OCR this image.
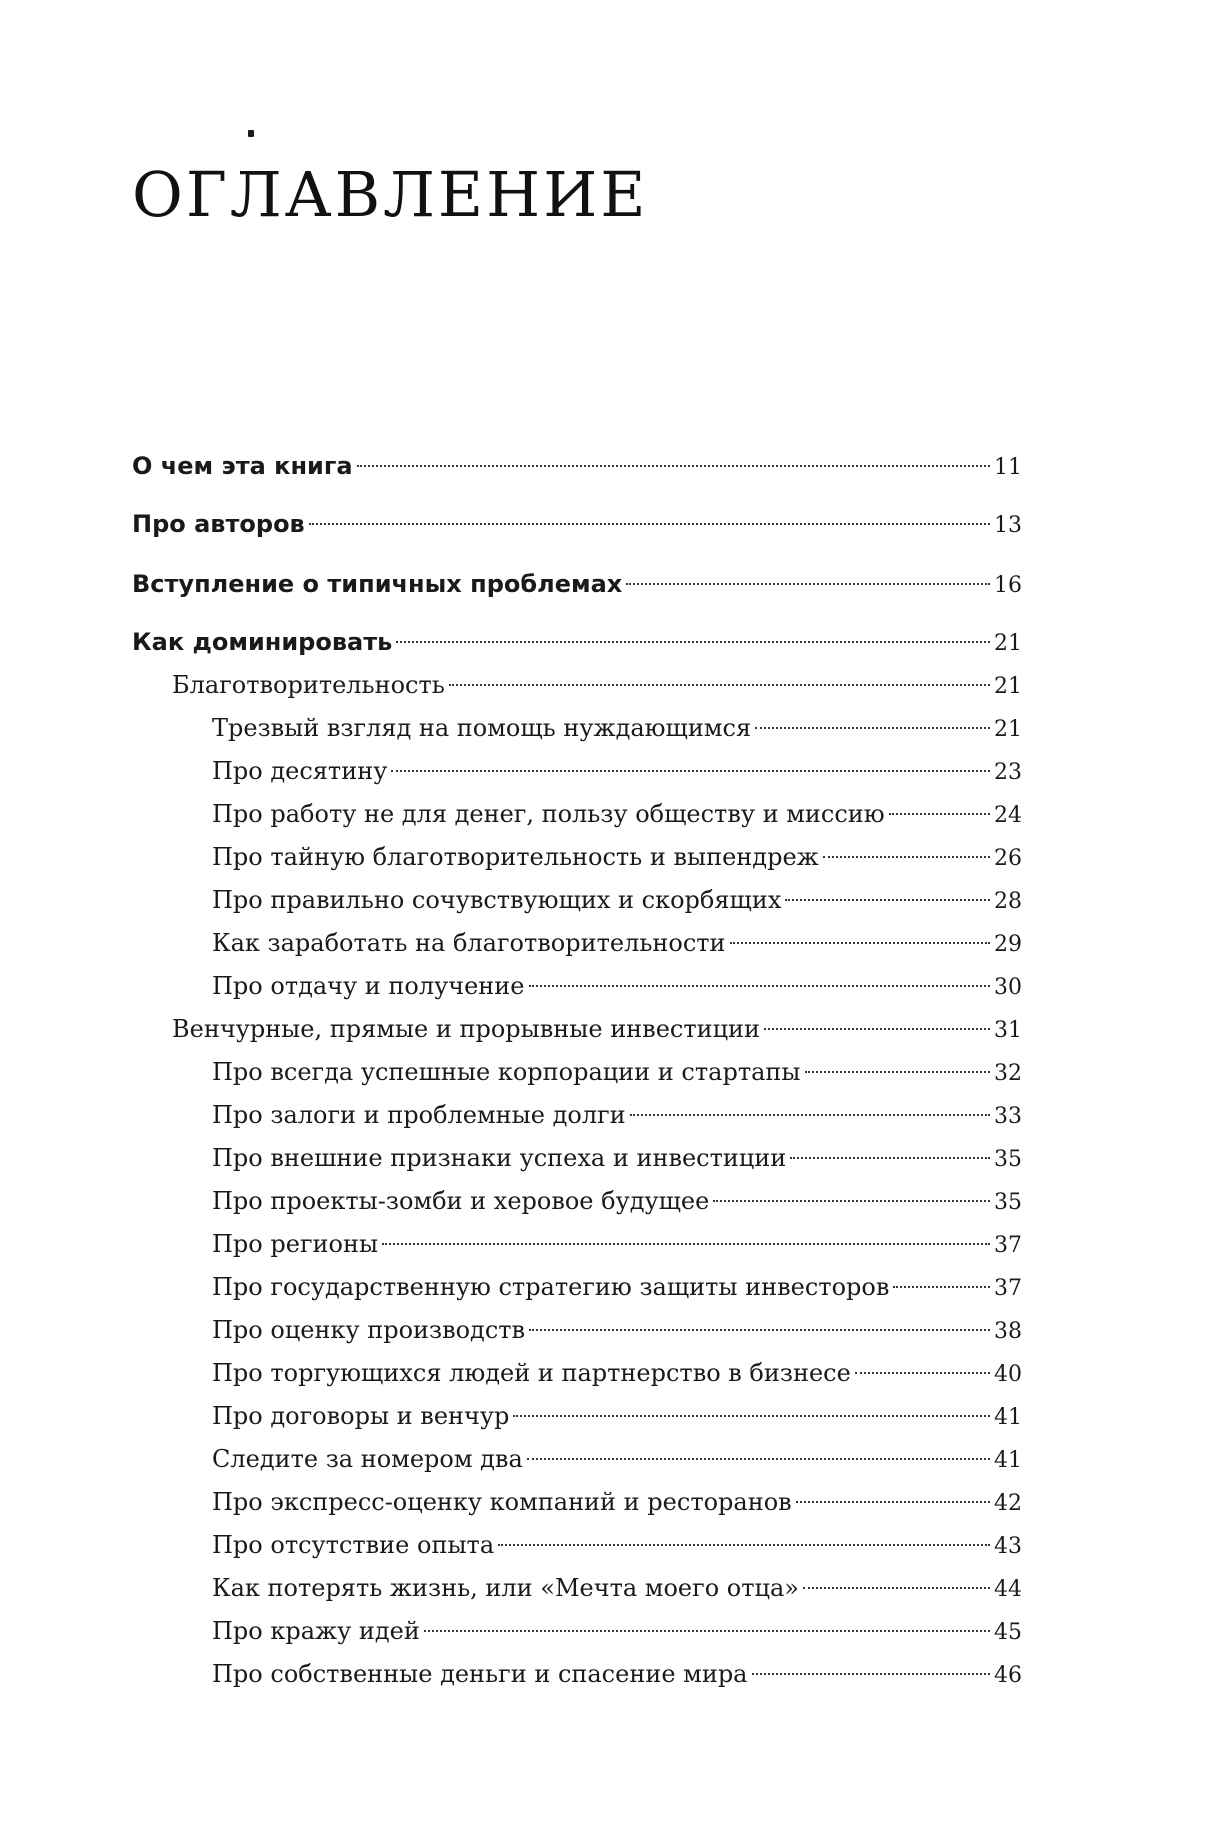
ОГЛАВЛЕНИЕ
О чем эта книга	11
Про авторов	13
Вступление о типичных проблемах	16
Как доминировать	21
Благотворительность	21
Трезвый взгляд на помощь нуждающимся	21
Про десятину	23
Про работу не для денег, пользу обществу и миссию	24
Про тайную благотворительность и выпендреж	26
Про правильно сочувствующих и скорбящих	28
Как заработать на благотворительности	29
Про отдачу и получение	30
Венчурные, прямые и прорывные инвестиции	31
Про всегда успешные корпорации и стартапы	32
Про залоги и проблемные долги	33
Про внешние признаки успеха и инвестиции	35
Про проекты-зомби и херовое будущее	35
Про регионы	37
Про государственную стратегию защиты инвесторов	37
Про оценку производств	38
Про торгующихся людей и партнерство в бизнесе	40
Про договоры и венчур	41
Следите за номером два	41
Про экспресс-оценку компаний и ресторанов	42
Про отсутствие опыта	43
Как потерять жизнь, или «Мечта моего отца»	44
Про кражу идей	45
Про собственные деньги и спасение мира	46
